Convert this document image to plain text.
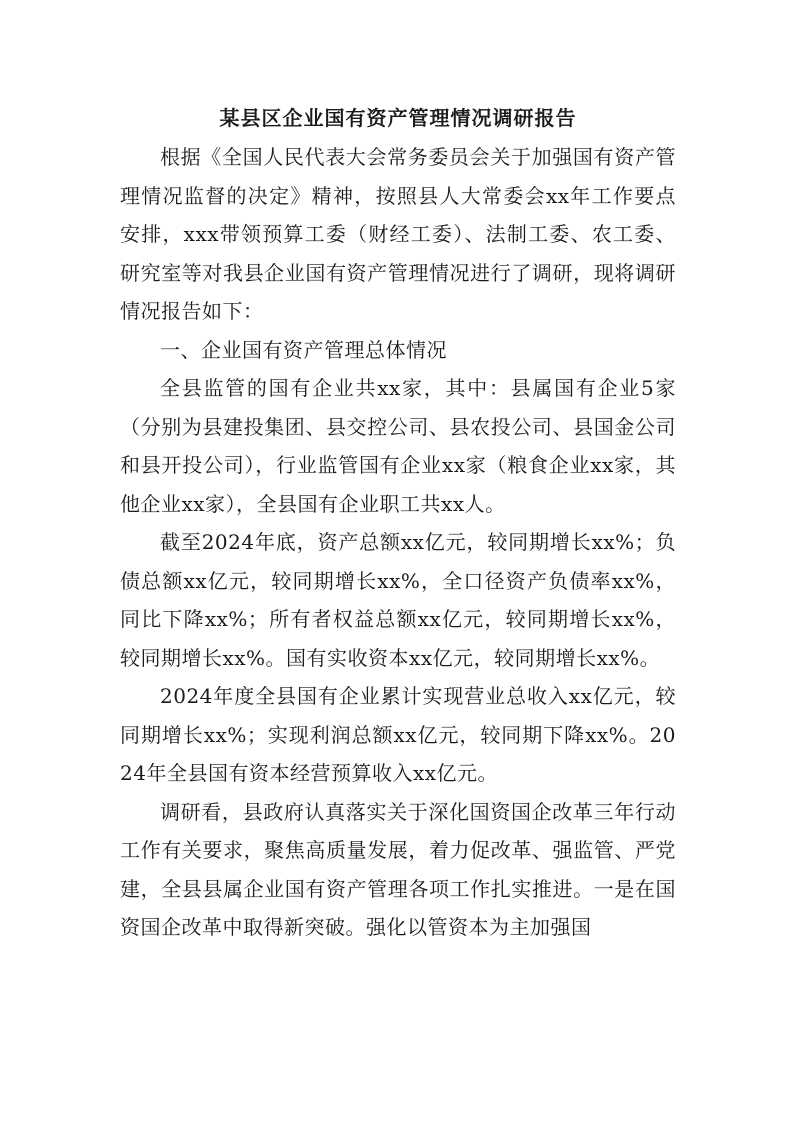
某县区企业国有资产管理情况调研报告

根据《全国人民代表大会常务委员会关于加强国有资产管理情况监督的决定》精神，按照县人大常委会xx年工作要点安排，xxx带领预算工委（财经工委）、法制工委、农工委、研究室等对我县企业国有资产管理情况进行了调研，现将调研情况报告如下：

一、企业国有资产管理总体情况

全县监管的国有企业共xx家，其中：县属国有企业5家（分别为县建投集团、县交控公司、县农投公司、县国金公司和县开投公司），行业监管国有企业xx家（粮食企业xx家，其他企业xx家），全县国有企业职工共xx人。

截至2024年底，资产总额xx亿元，较同期增长xx%；负债总额xx亿元，较同期增长xx%，全口径资产负债率xx%，同比下降xx%；所有者权益总额xx亿元，较同期增长xx%，较同期增长xx%。国有实收资本xx亿元，较同期增长xx%。

2024年度全县国有企业累计实现营业总收入xx亿元，较同期增长xx%；实现利润总额xx亿元，较同期下降xx%。2024年全县国有资本经营预算收入xx亿元。

调研看，县政府认真落实关于深化国资国企改革三年行动工作有关要求，聚焦高质量发展，着力促改革、强监管、严党建，全县县属企业国有资产管理各项工作扎实推进。一是在国资国企改革中取得新突破。强化以管资本为主加强国
